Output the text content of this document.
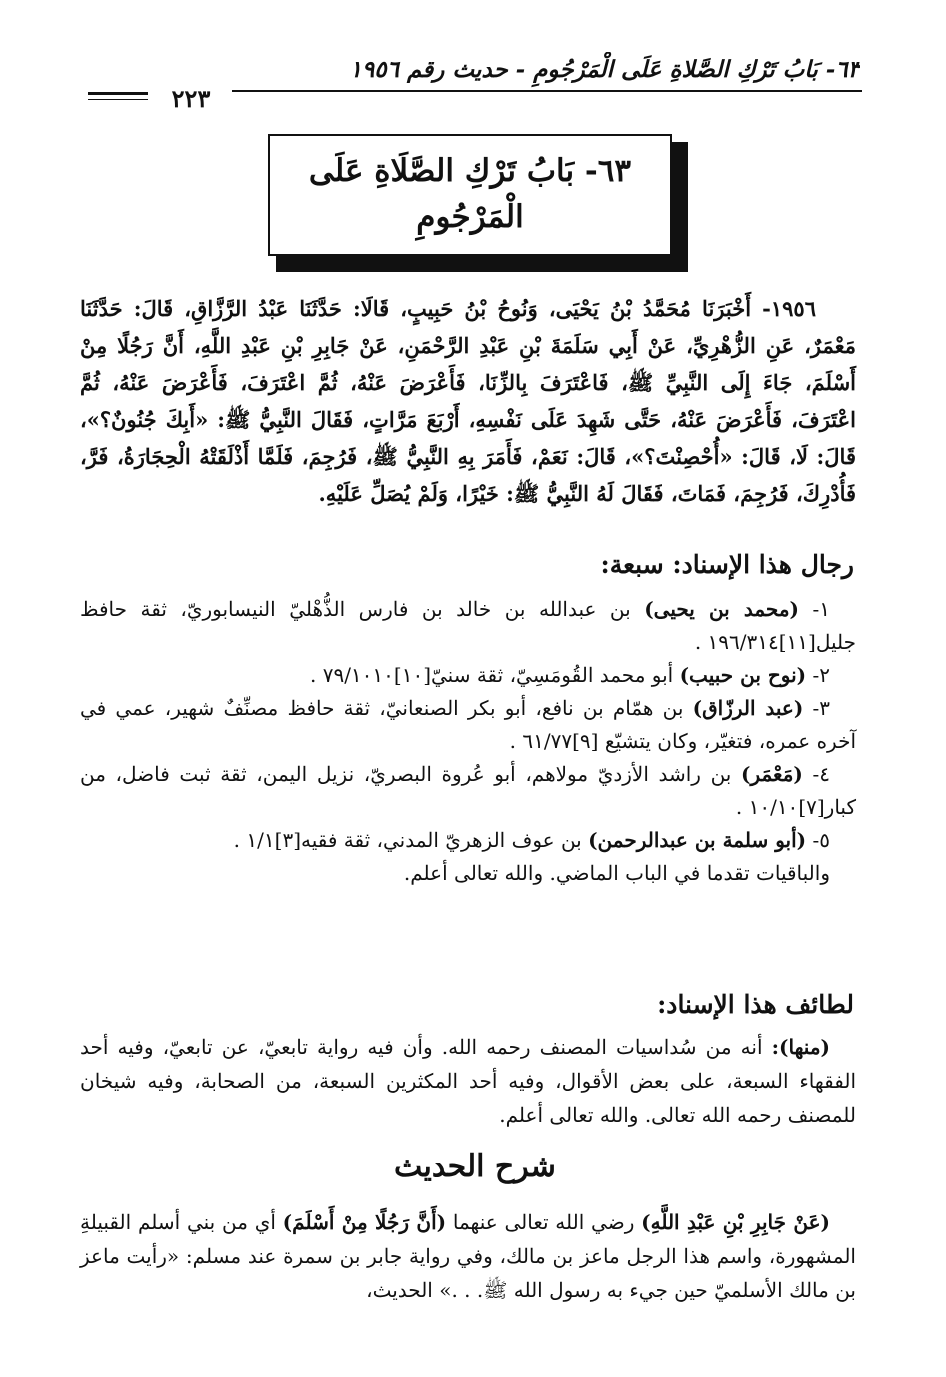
٦٣- بَابُ تَرْكِ الصَّلاةِ عَلَى الْمَرْجُومِ - حديث رقم ١٩٥٦
٢٢٣
٦٣- بَابُ تَرْكِ الصَّلَاةِ عَلَى
الْمَرْجُومِ

١٩٥٦- أَخْبَرَنَا مُحَمَّدُ بْنُ يَحْيَى، وَنُوحُ بْنُ حَبِيبٍ، قَالَا: حَدَّثَنَا عَبْدُ الرَّزَّاقِ، قَالَ: حَدَّثَنَا مَعْمَرٌ، عَنِ الزُّهْرِيِّ، عَنْ أَبِي سَلَمَةَ بْنِ عَبْدِ الرَّحْمَنِ، عَنْ جَابِرِ بْنِ عَبْدِ اللَّهِ، أَنَّ رَجُلًا مِنْ أَسْلَمَ، جَاءَ إِلَى النَّبِيِّ ﷺ، فَاعْتَرَفَ بِالزِّنَا، فَأَعْرَضَ عَنْهُ، ثُمَّ اعْتَرَفَ، فَأَعْرَضَ عَنْهُ، ثُمَّ اعْتَرَفَ، فَأَعْرَضَ عَنْهُ، حَتَّى شَهِدَ عَلَى نَفْسِهِ، أَرْبَعَ مَرَّاتٍ، فَقَالَ النَّبِيُّ ﷺ: «أَبِكَ جُنُونٌ؟»، قَالَ: لَا، قَالَ: «أُحْصِنْتَ؟»، قَالَ: نَعَمْ، فَأَمَرَ بِهِ النَّبِيُّ ﷺ، فَرُجِمَ، فَلَمَّا أَذْلَقَتْهُ الْحِجَارَةُ، فَرَّ، فَأُدْرِكَ، فَرُجِمَ، فَمَاتَ، فَقَالَ لَهُ النَّبِيُّ ﷺ: خَيْرًا، وَلَمْ يُصَلِّ عَلَيْهِ.

رجال هذا الإسناد: سبعة:
١- (محمد بن يحيى) بن عبدالله بن خالد بن فارس الذُّهْليّ النيسابوريّ، ثقة حافظ جليل[١١]١٩٦/٣١٤ .
٢- (نوح بن حبيب) أبو محمد القُومَسِيّ، ثقة سنيّ[١٠]٧٩/١٠١٠ .
٣- (عبد الرزّاق) بن همّام بن نافع، أبو بكر الصنعانيّ، ثقة حافظ مصنِّفٌ شهير، عمي في آخره عمره، فتغيّر، وكان يتشيّع [٩]٦١/٧٧ .
٤- (مَعْمَر) بن راشد الأزديّ مولاهم، أبو عُروة البصريّ، نزيل اليمن، ثقة ثبت فاضل، من كبار[٧]١٠/١٠ .
٥- (أبو سلمة بن عبدالرحمن) بن عوف الزهريّ المدني، ثقة فقيه[٣]١/١ .
والباقيات تقدما في الباب الماضي. والله تعالى أعلم.
لطائف هذا الإسناد:

(منها): أنه من سُداسيات المصنف رحمه الله. وأن فيه رواية تابعيّ، عن تابعيّ، وفيه أحد الفقهاء السبعة، على بعض الأقوال، وفيه أحد المكثرين السبعة، من الصحابة، وفيه شيخان للمصنف رحمه الله تعالى. والله تعالى أعلم.

شرح الحديث

(عَنْ جَابِرِ بْنِ عَبْدِ اللَّهِ) رضي الله تعالى عنهما (أَنَّ رَجُلًا مِنْ أَسْلَمَ) أي من بني أسلم القبيلةِ المشهورة، واسم هذا الرجل ماعز بن مالك، وفي رواية جابر بن سمرة عند مسلم: «رأيت ماعز بن مالك الأسلميّ حين جيء به رسول الله ﷺ. . .» الحديث،
